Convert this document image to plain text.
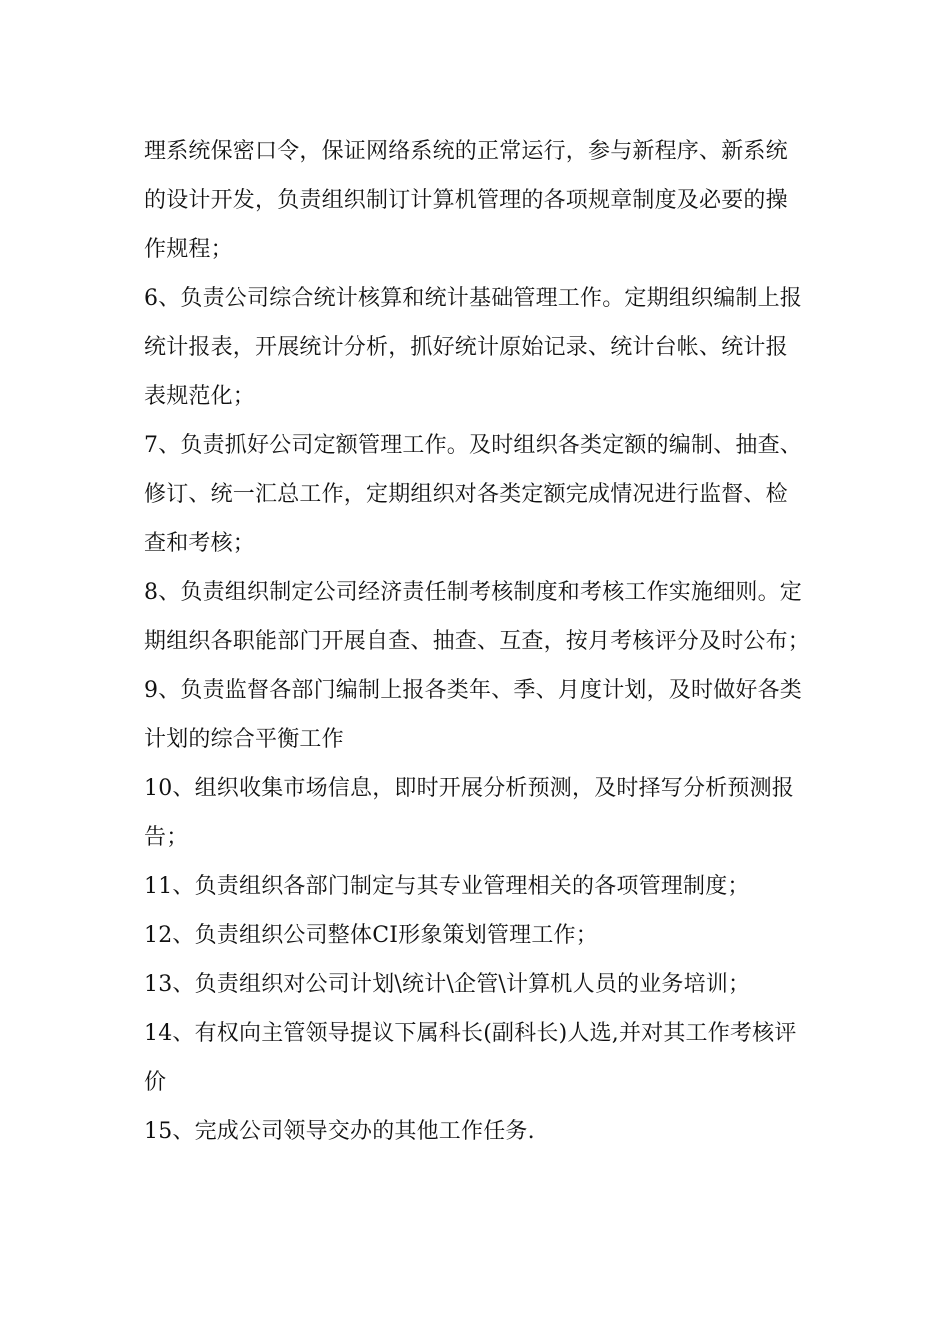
理系统保密口令，保证网络系统的正常运行，参与新程序、新系统
的设计开发，负责组织制订计算机管理的各项规章制度及必要的操
作规程；

6、负责公司综合统计核算和统计基础管理工作。定期组织编制上报
统计报表，开展统计分析，抓好统计原始记录、统计台帐、统计报
表规范化；

7、负责抓好公司定额管理工作。及时组织各类定额的编制、抽查、
修订、统一汇总工作，定期组织对各类定额完成情况进行监督、检
查和考核；

8、负责组织制定公司经济责任制考核制度和考核工作实施细则。定
期组织各职能部门开展自查、抽查、互查，按月考核评分及时公布；

9、负责监督各部门编制上报各类年、季、月度计划，及时做好各类
计划的综合平衡工作

10、组织收集市场信息，即时开展分析预测，及时择写分析预测报
告；

11、负责组织各部门制定与其专业管理相关的各项管理制度；

12、负责组织公司整体CI形象策划管理工作；

13、负责组织对公司计划\统计\企管\计算机人员的业务培训；

14、有权向主管领导提议下属科长(副科长)人选,并对其工作考核评
价

15、完成公司领导交办的其他工作任务.
